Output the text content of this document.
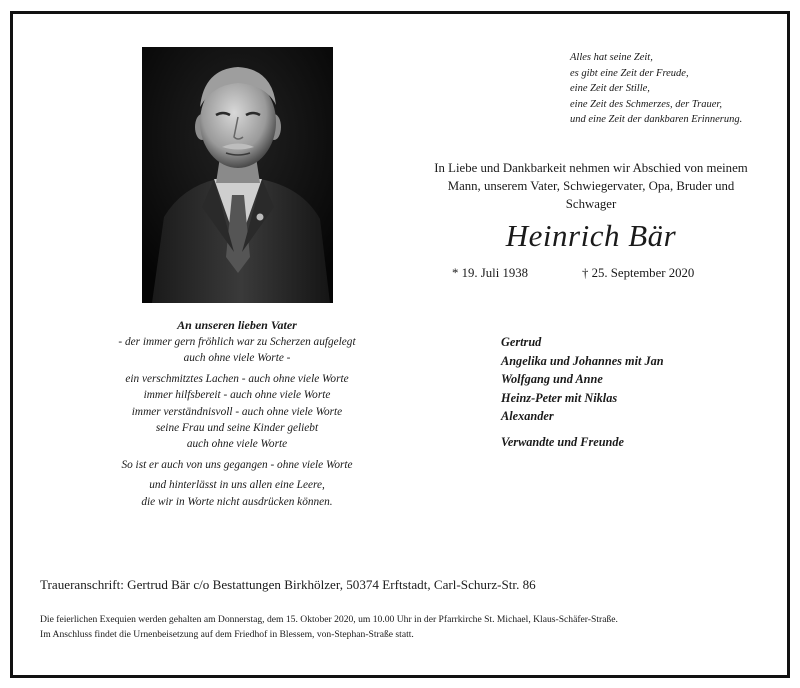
Alles hat seine Zeit,
es gibt eine Zeit der Freude,
eine Zeit der Stille,
eine Zeit des Schmerzes, der Trauer,
und eine Zeit der dankbaren Erinnerung.
In Liebe und Dankbarkeit nehmen wir Abschied von meinem
Mann, unserem Vater, Schwiegervater, Opa, Bruder und
Schwager
Heinrich Bär
* 19. Juli 1938	† 25. September 2020
An unseren lieben Vater
- der immer gern fröhlich war zu Scherzen aufgelegt
auch ohne viele Worte -
ein verschmitztes Lachen - auch ohne viele Worte
immer hilfsbereit - auch ohne viele Worte
immer verständnisvoll - auch ohne viele Worte
seine Frau und seine Kinder geliebt
auch ohne viele Worte
So ist er auch von uns gegangen - ohne viele Worte
und hinterlässt in uns allen eine Leere,
die wir in Worte nicht ausdrücken können.
Gertrud
Angelika und Johannes mit Jan
Wolfgang und Anne
Heinz-Peter mit Niklas
Alexander
Verwandte und Freunde
Traueranschrift: Gertrud Bär c/o Bestattungen Birkhölzer, 50374 Erftstadt, Carl-Schurz-Str. 86
Die feierlichen Exequien werden gehalten am Donnerstag, dem 15. Oktober 2020, um 10.00 Uhr in der Pfarrkirche St. Michael, Klaus-Schäfer-Straße.
Im Anschluss findet die Urnenbeisetzung auf dem Friedhof in Blessem, von-Stephan-Straße statt.
